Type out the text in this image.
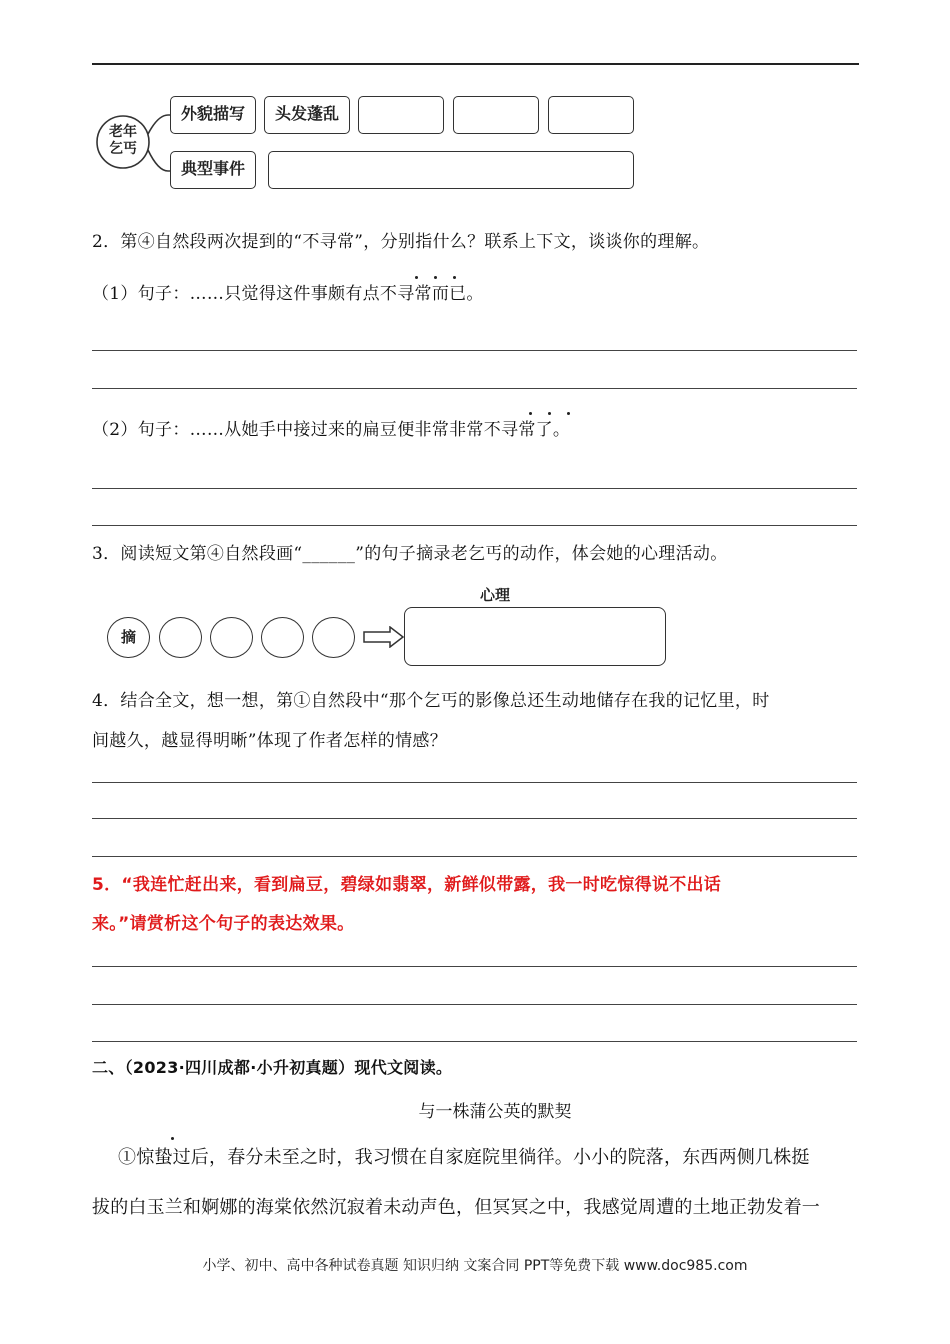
老年
乞丐
外貌描写	头发蓬乱
典型事件
2．第④自然段两次提到的“不寻常”，分别指什么？联系上下文，谈谈你的理解。
（1）句子：……只觉得这件事颇有点不寻常而已。
（2）句子：……从她手中接过来的扁豆便非常非常不寻常了。
3．阅读短文第④自然段画“______”的句子摘录老乞丐的动作，体会她的心理活动。
心理
摘
4．结合全文，想一想，第①自然段中“那个乞丐的影像总还生动地储存在我的记忆里，时
间越久，越显得明晰”体现了作者怎样的情感？
5．“我连忙赶出来，看到扁豆，碧绿如翡翠，新鲜似带露，我一时吃惊得说不出话
来。”请赏析这个句子的表达效果。
二、（2023·四川成都·小升初真题）现代文阅读。
与一株蒲公英的默契
①惊蛰过后，春分未至之时，我习惯在自家庭院里徜徉。小小的院落，东西两侧几株挺
拔的白玉兰和婀娜的海棠依然沉寂着未动声色，但冥冥之中，我感觉周遭的土地正勃发着一
小学、初中、高中各种试卷真题 知识归纳 文案合同 PPT等免费下载 www.doc985.com
